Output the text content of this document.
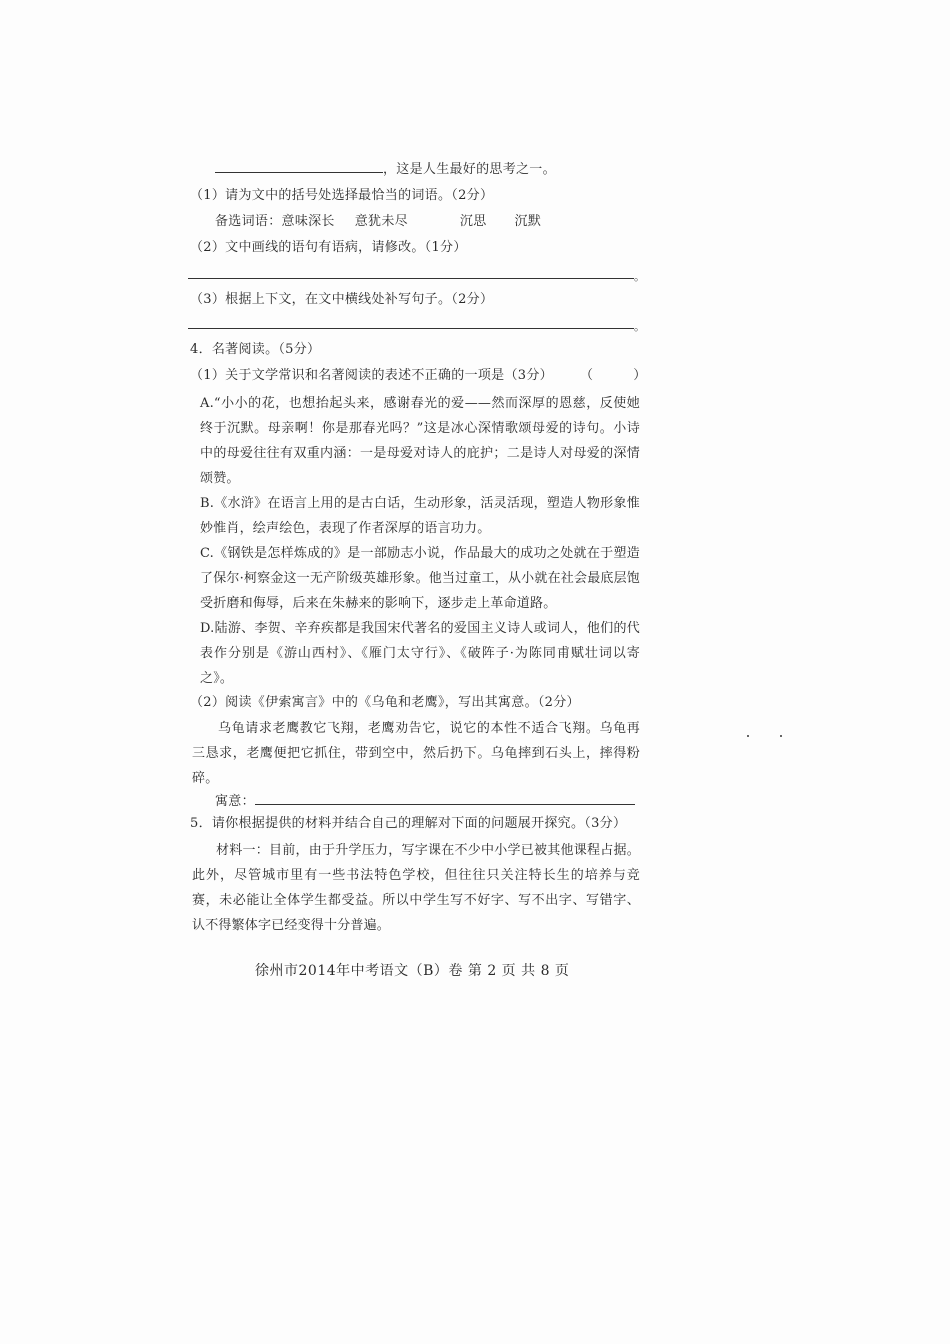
，这是人生最好的思考之一。
（1）请为文中的括号处选择最恰当的词语。（2分）
备选词语：意味深长 意犹未尽	沉思 沉默
（2）文中画线的语句有语病，请修改。（1分）
。
（3）根据上下文，在文中横线处补写句子。（2分）
。
4．名著阅读。（5分）
（1）关于文学常识和名著阅读的表述不正确的一项是（3分） （　　　）
A.“小小的花，也想抬起头来，感谢春光的爱——然而深厚的恩慈，反使她终于沉默。母亲啊！你是那春光吗？”这是冰心深情歌颂母爱的诗句。小诗中的母爱往往有双重内涵：一是母爱对诗人的庇护；二是诗人对母爱的深情颂赞。
B.《水浒》在语言上用的是古白话，生动形象，活灵活现，塑造人物形象惟妙惟肖，绘声绘色，表现了作者深厚的语言功力。
C.《钢铁是怎样炼成的》是一部励志小说，作品最大的成功之处就在于塑造了保尔·柯察金这一无产阶级英雄形象。他当过童工，从小就在社会最底层饱受折磨和侮辱，后来在朱赫来的影响下，逐步走上革命道路。
D.陆游、李贺、辛弃疾都是我国宋代著名的爱国主义诗人或词人，他们的代表作分别是《游山西村》、《雁门太守行》、《破阵子·为陈同甫赋壮词以寄之》。
（2）阅读《伊索寓言》中的《乌龟和老鹰》，写出其寓意。（2分）
乌龟请求老鹰教它飞翔，老鹰劝告它，说它的本性不适合飞翔。乌龟再三恳求，老鹰便把它抓住，带到空中，然后扔下。乌龟摔到石头上，摔得粉碎。
寓意：
5．请你根据提供的材料并结合自己的理解对下面的问题展开探究。（3分）
材料一：目前，由于升学压力，写字课在不少中小学已被其他课程占据。此外，尽管城市里有一些书法特色学校，但往往只关注特长生的培养与竞赛，未必能让全体学生都受益。所以中学生写不好字、写不出字、写错字、认不得繁体字已经变得十分普遍。
徐州市2014年中考语文（B）卷 第 2 页 共 8 页
